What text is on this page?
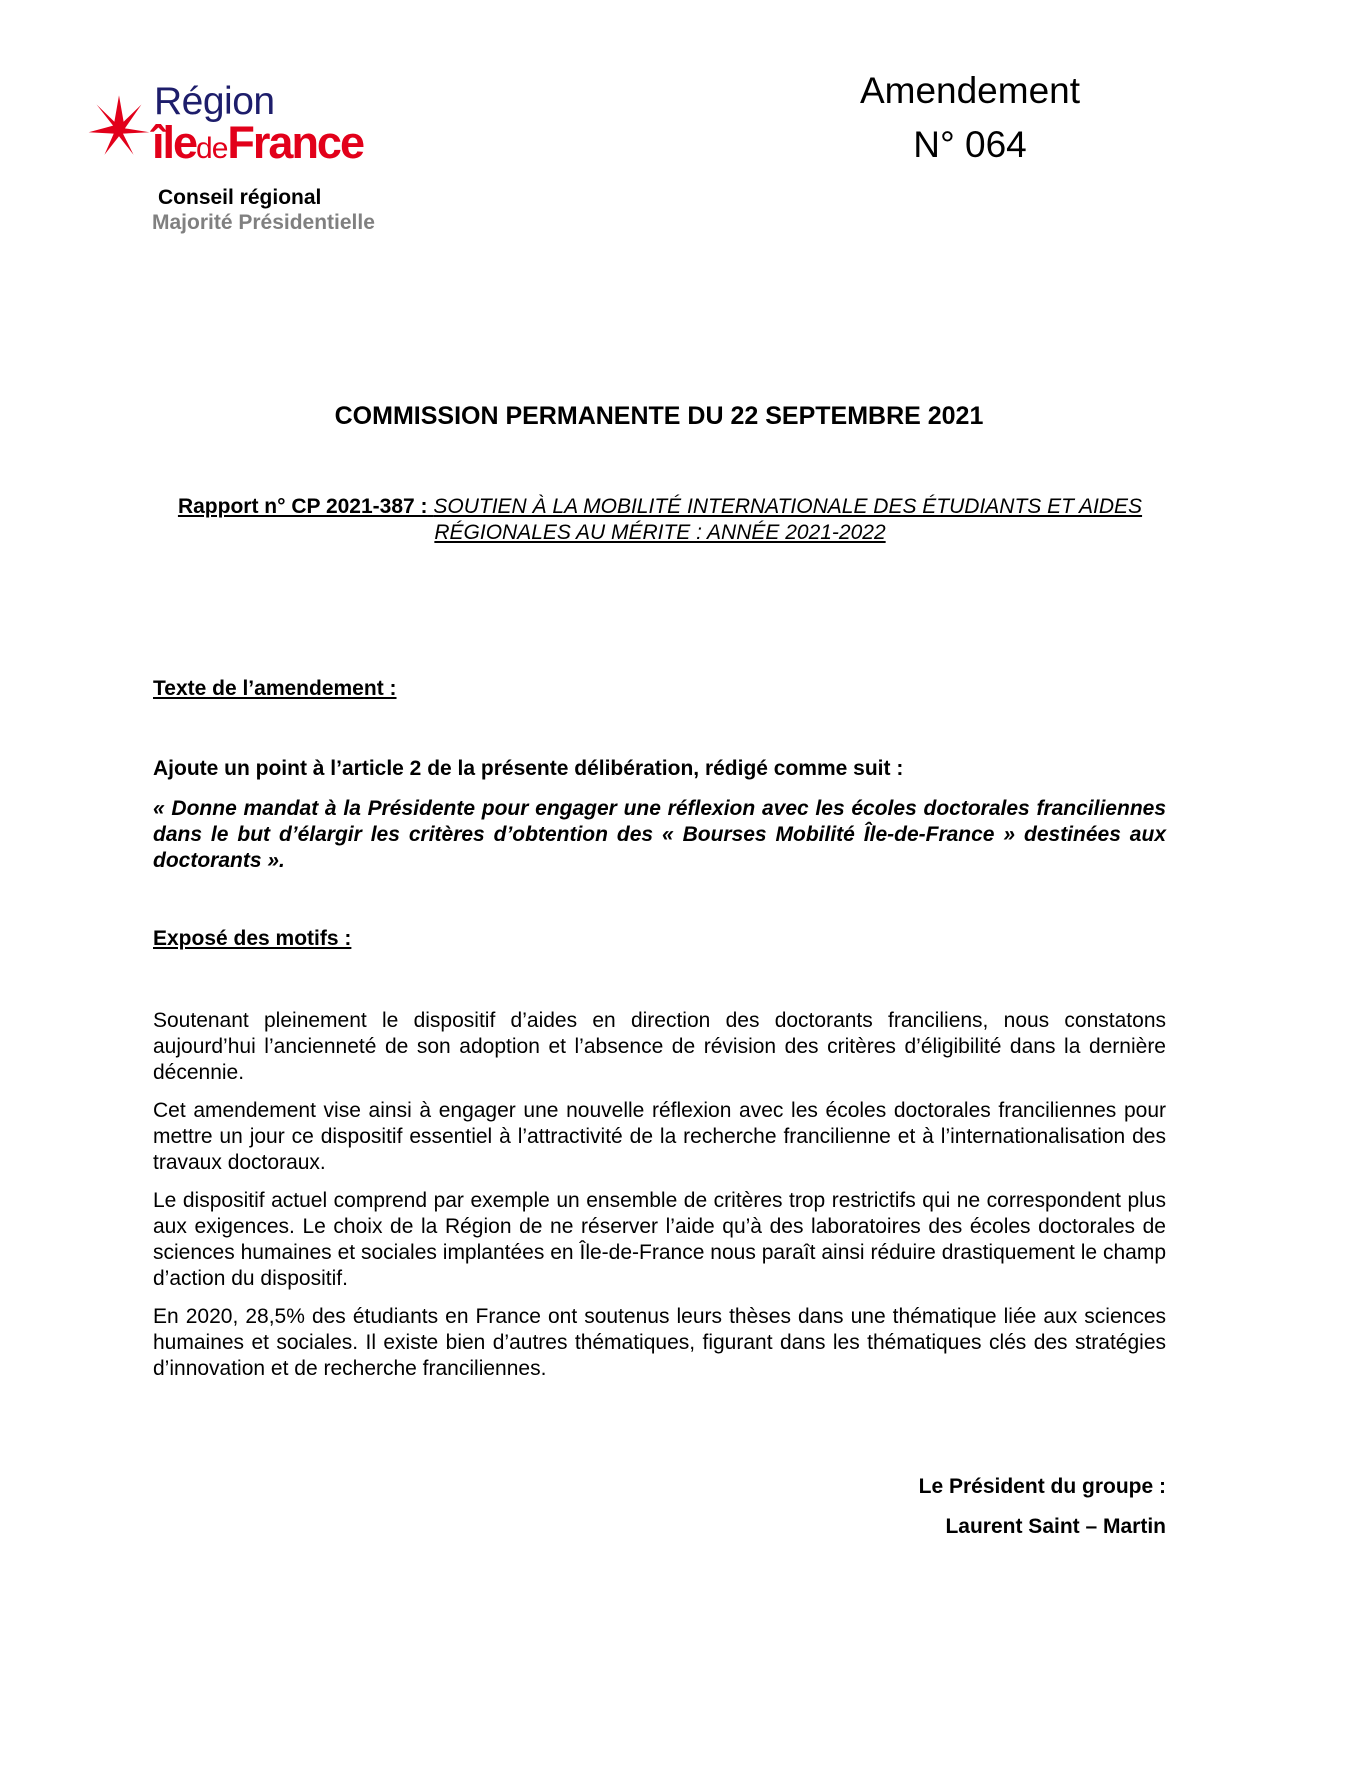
Région
îledeFrance
Conseil régional
Majorité Présidentielle
Amendement
N° 064
COMMISSION PERMANENTE DU 22 SEPTEMBRE 2021
Rapport n° CP 2021-387 : SOUTIEN À LA MOBILITÉ INTERNATIONALE DES ÉTUDIANTS ET AIDES RÉGIONALES AU MÉRITE : ANNÉE 2021-2022
Texte de l’amendement :
Ajoute un point à l’article 2 de la présente délibération, rédigé comme suit :
« Donne mandat à la Présidente pour engager une réflexion avec les écoles doctorales franciliennes dans le but d’élargir les critères d’obtention des « Bourses Mobilité Île-de-France » destinées aux doctorants ».
Exposé des motifs :
Soutenant pleinement le dispositif d’aides en direction des doctorants franciliens, nous constatons aujourd’hui l’ancienneté de son adoption et l’absence de révision des critères d’éligibilité dans la dernière décennie.
Cet amendement vise ainsi à engager une nouvelle réflexion avec les écoles doctorales franciliennes pour mettre un jour ce dispositif essentiel à l’attractivité de la recherche francilienne et à l’internationalisation des travaux doctoraux.
Le dispositif actuel comprend par exemple un ensemble de critères trop restrictifs qui ne correspondent plus aux exigences. Le choix de la Région de ne réserver l’aide qu’à des laboratoires des écoles doctorales de sciences humaines et sociales implantées en Île-de-France nous paraît ainsi réduire drastiquement le champ d’action du dispositif.
En 2020, 28,5% des étudiants en France ont soutenus leurs thèses dans une thématique liée aux sciences humaines et sociales. Il existe bien d’autres thématiques, figurant dans les thématiques clés des stratégies d’innovation et de recherche franciliennes.
Le Président du groupe :
Laurent Saint – Martin
